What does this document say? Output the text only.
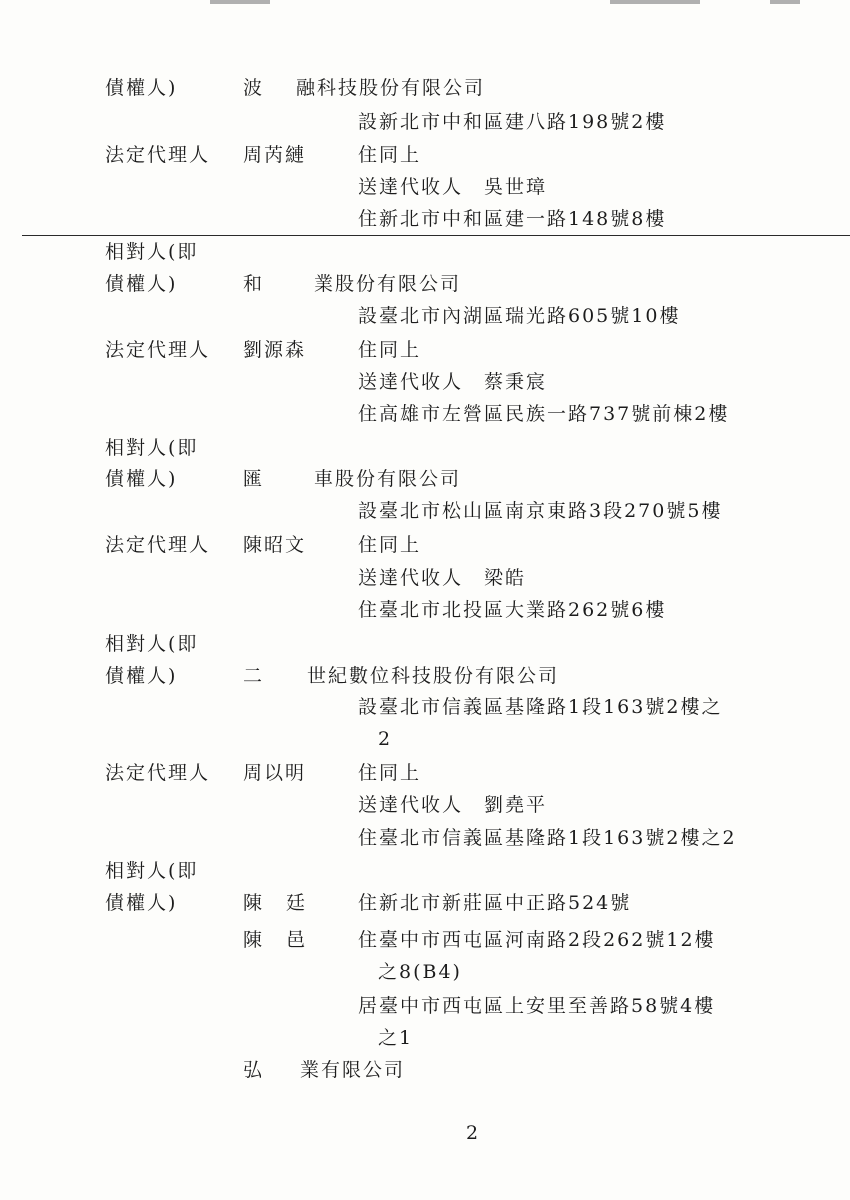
債權人)	波 融科技股份有限公司
設新北市中和區建八路198號2樓
法定代理人 周芮縺	住同上
送達代收人　吳世璋
住新北市中和區建一路148號8樓
相對人(即
債權人)	和	業股份有限公司
設臺北市內湖區瑞光路605號10樓
法定代理人 劉源森	住同上
送達代收人　蔡秉宸
住高雄市左營區民族一路737號前棟2樓
相對人(即
債權人)	匯	車股份有限公司
設臺北市松山區南京東路3段270號5樓
法定代理人 陳昭文	住同上
送達代收人　梁皓
住臺北市北投區大業路262號6樓
相對人(即
債權人)	二 世紀數位科技股份有限公司
設臺北市信義區基隆路1段163號2樓之
2
法定代理人 周以明	住同上
送達代收人　劉堯平
住臺北市信義區基隆路1段163號2樓之2
相對人(即
債權人)	陳 廷	住新北市新莊區中正路524號
陳 邑	住臺中市西屯區河南路2段262號12樓
之8(B4)
居臺中市西屯區上安里至善路58號4樓
之1
弘 業有限公司
2
